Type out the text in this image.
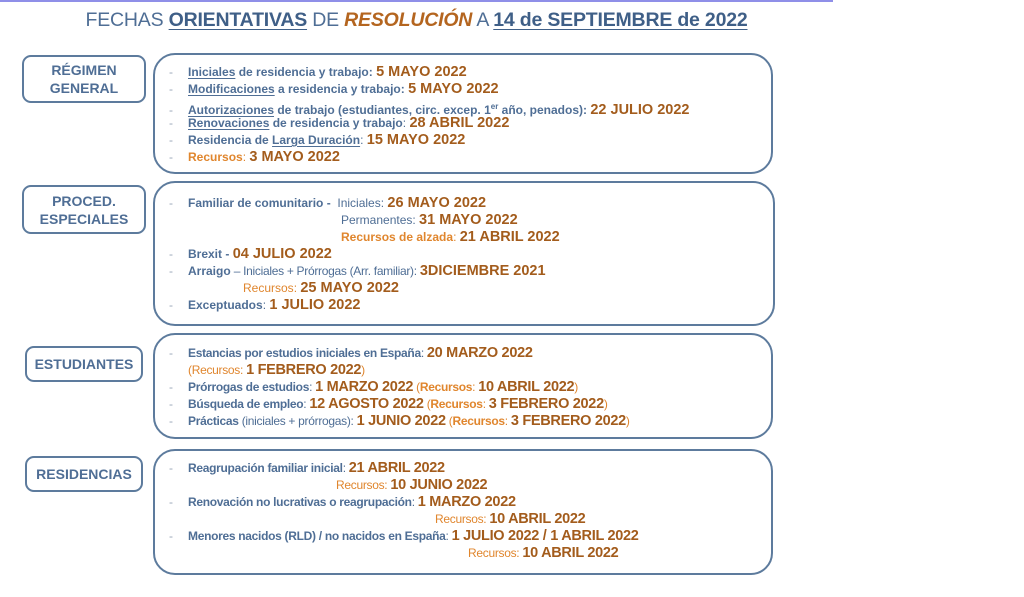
FECHAS ORIENTATIVAS DE RESOLUCIÓN A 14 de SEPTIEMBRE de 2022
RÉGIMEN
GENERAL
- Iniciales de residencia y trabajo: 5 MAYO 2022
- Modificaciones a residencia y trabajo: 5 MAYO 2022
- Autorizaciones de trabajo (estudiantes, circ. excep. 1er año, penados): 22 JULIO 2022
- Renovaciones de residencia y trabajo: 28 ABRIL 2022
- Residencia de Larga Duración: 15 MAYO 2022
- Recursos: 3 MAYO 2022
PROCED.
ESPECIALES
- Familiar de comunitario - Iniciales: 26 MAYO 2022
Permanentes: 31 MAYO 2022
Recursos de alzada: 21 ABRIL 2022
- Brexit - 04 JULIO 2022
- Arraigo – Iniciales + Prórrogas (Arr. familiar): 3DICIEMBRE 2021
Recursos: 25 MAYO 2022
- Exceptuados: 1 JULIO 2022
ESTUDIANTES
- Estancias por estudios iniciales en España: 20 MARZO 2022
(Recursos: 1 FEBRERO 2022)
- Prórrogas de estudios: 1 MARZO 2022 (Recursos: 10 ABRIL 2022)
- Búsqueda de empleo: 12 AGOSTO 2022 (Recursos: 3 FEBRERO 2022)
- Prácticas (iniciales + prórrogas): 1 JUNIO 2022 (Recursos: 3 FEBRERO 2022)
RESIDENCIAS	- Reagrupación familiar inicial: 21 ABRIL 2022
Recursos: 10 JUNIO 2022
- Renovación no lucrativas o reagrupación: 1 MARZO 2022
Recursos: 10 ABRIL 2022
- Menores nacidos (RLD) / no nacidos en España: 1 JULIO 2022 / 1 ABRIL 2022
Recursos: 10 ABRIL 2022
